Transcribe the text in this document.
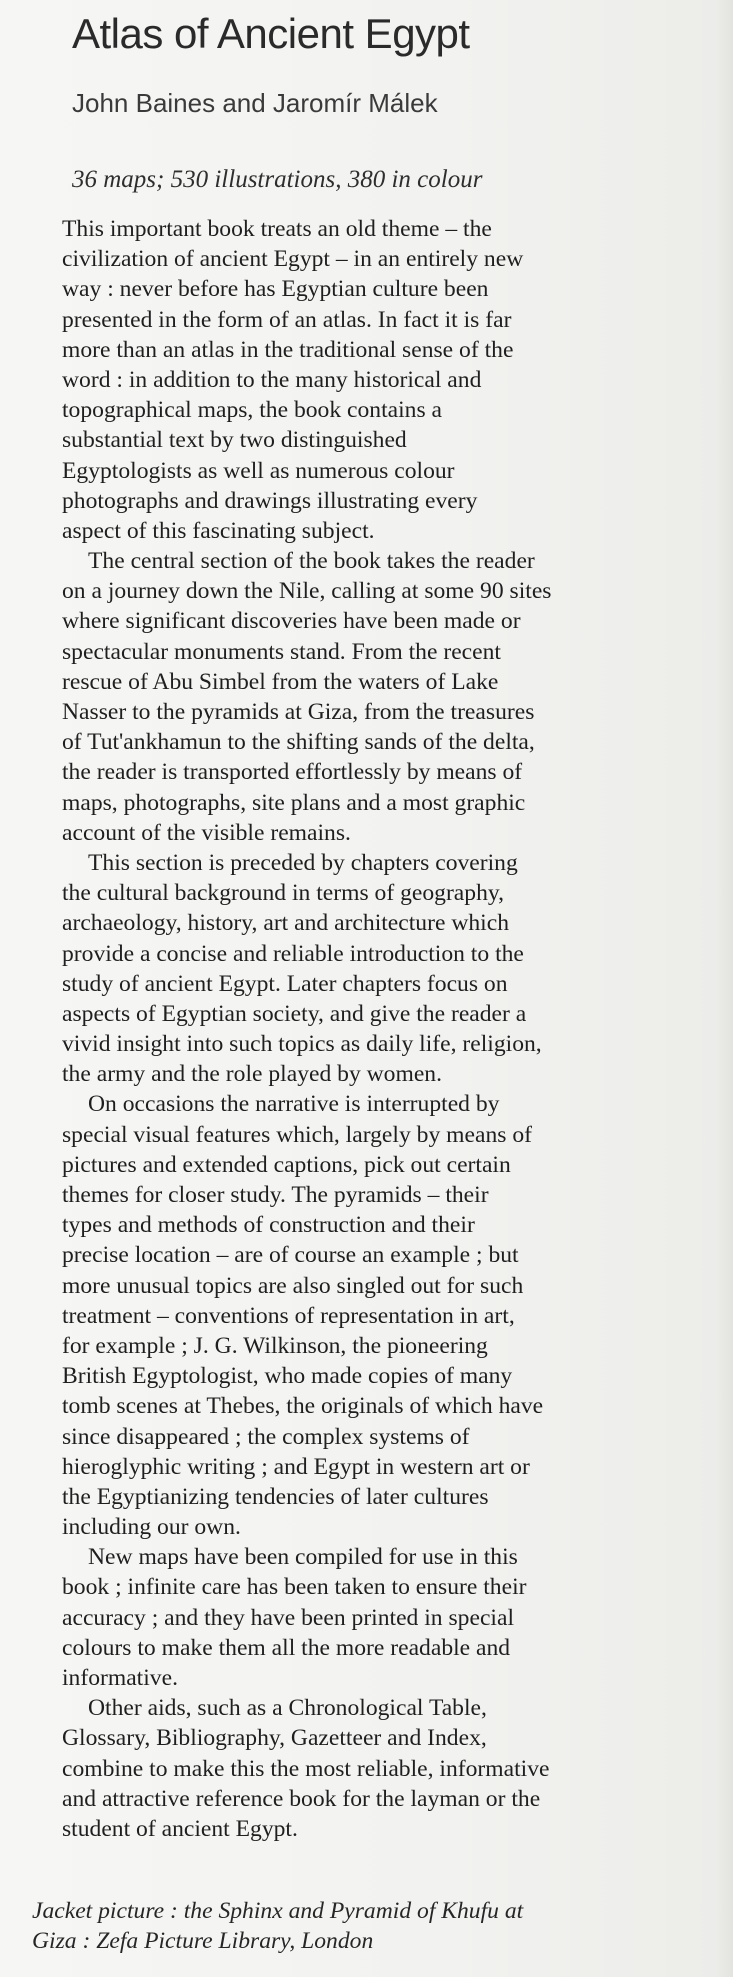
Atlas of Ancient Egypt
John Baines and Jaromír Málek
36 maps; 530 illustrations, 380 in colour
This important book treats an old theme – the
civilization of ancient Egypt – in an entirely new
way : never before has Egyptian culture been
presented in the form of an atlas. In fact it is far
more than an atlas in the traditional sense of the
word : in addition to the many historical and
topographical maps, the book contains a
substantial text by two distinguished
Egyptologists as well as numerous colour
photographs and drawings illustrating every
aspect of this fascinating subject.
The central section of the book takes the reader
on a journey down the Nile, calling at some 90 sites
where significant discoveries have been made or
spectacular monuments stand. From the recent
rescue of Abu Simbel from the waters of Lake
Nasser to the pyramids at Giza, from the treasures
of Tut'ankhamun to the shifting sands of the delta,
the reader is transported effortlessly by means of
maps, photographs, site plans and a most graphic
account of the visible remains.
This section is preceded by chapters covering
the cultural background in terms of geography,
archaeology, history, art and architecture which
provide a concise and reliable introduction to the
study of ancient Egypt. Later chapters focus on
aspects of Egyptian society, and give the reader a
vivid insight into such topics as daily life, religion,
the army and the role played by women.
On occasions the narrative is interrupted by
special visual features which, largely by means of
pictures and extended captions, pick out certain
themes for closer study. The pyramids – their
types and methods of construction and their
precise location – are of course an example ; but
more unusual topics are also singled out for such
treatment – conventions of representation in art,
for example ; J. G. Wilkinson, the pioneering
British Egyptologist, who made copies of many
tomb scenes at Thebes, the originals of which have
since disappeared ; the complex systems of
hieroglyphic writing ; and Egypt in western art or
the Egyptianizing tendencies of later cultures
including our own.
New maps have been compiled for use in this
book ; infinite care has been taken to ensure their
accuracy ; and they have been printed in special
colours to make them all the more readable and
informative.
Other aids, such as a Chronological Table,
Glossary, Bibliography, Gazetteer and Index,
combine to make this the most reliable, informative
and attractive reference book for the layman or the
student of ancient Egypt.
Jacket picture : the Sphinx and Pyramid of Khufu at
Giza : Zefa Picture Library, London
